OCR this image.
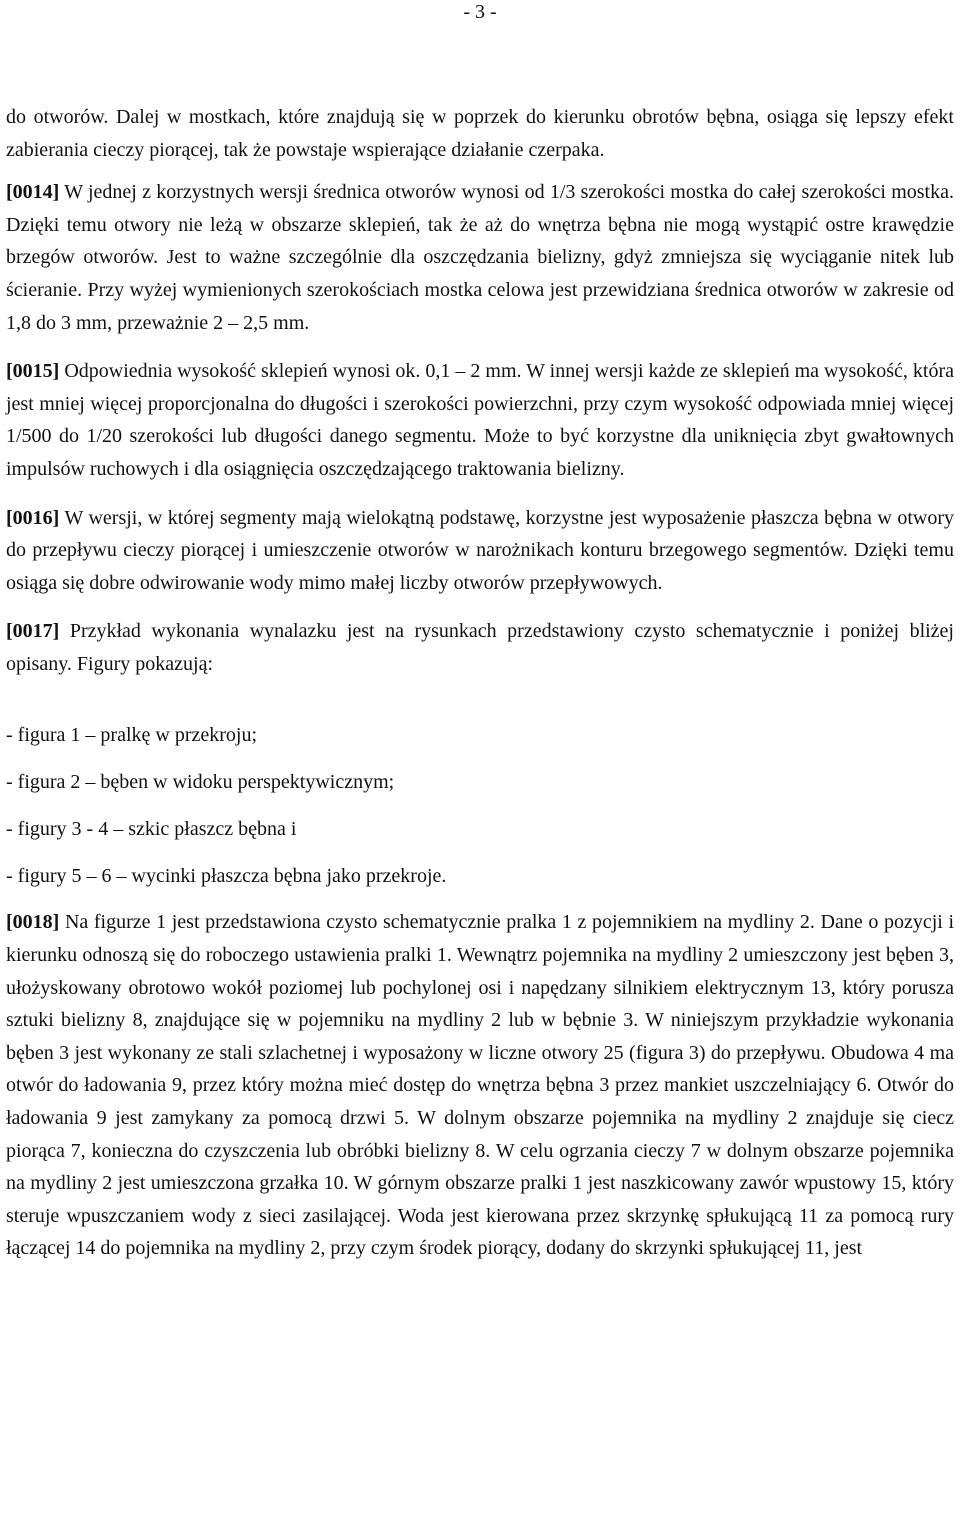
- 3 -

do otworów. Dalej w mostkach, które znajdują się w poprzek do kierunku obrotów bębna, osiąga się lepszy efekt zabierania cieczy piorącej, tak że powstaje wspierające działanie czerpaka.

[0014] W jednej z korzystnych wersji średnica otworów wynosi od 1/3 szerokości mostka do całej szerokości mostka. Dzięki temu otwory nie leżą w obszarze sklepień, tak że aż do wnętrza bębna nie mogą wystąpić ostre krawędzie brzegów otworów. Jest to ważne szczególnie dla oszczędzania bielizny, gdyż zmniejsza się wyciąganie nitek lub ścieranie. Przy wyżej wymienionych szerokościach mostka celowa jest przewidziana średnica otworów w zakresie od 1,8 do 3 mm, przeważnie 2 – 2,5 mm.

[0015] Odpowiednia wysokość sklepień wynosi ok. 0,1 – 2 mm. W innej wersji każde ze sklepień ma wysokość, która jest mniej więcej proporcjonalna do długości i szerokości powierzchni, przy czym wysokość odpowiada mniej więcej 1/500 do 1/20 szerokości lub długości danego segmentu. Może to być korzystne dla uniknięcia zbyt gwałtownych impulsów ruchowych i dla osiągnięcia oszczędzającego traktowania bielizny.

[0016] W wersji, w której segmenty mają wielokątną podstawę, korzystne jest wyposażenie płaszcza bębna w otwory do przepływu cieczy piorącej i umieszczenie otworów w narożnikach konturu brzegowego segmentów. Dzięki temu osiąga się dobre odwirowanie wody mimo małej liczby otworów przepływowych.

[0017] Przykład wykonania wynalazku jest na rysunkach przedstawiony czysto schematycznie i poniżej bliżej opisany. Figury pokazują:

- figura 1 – pralkę w przekroju;

- figura 2 – bęben w widoku perspektywicznym;

- figury 3 - 4 – szkic płaszcz bębna i

- figury 5 – 6 – wycinki płaszcza bębna jako przekroje.

[0018] Na figurze 1 jest przedstawiona czysto schematycznie pralka 1 z pojemnikiem na mydliny 2. Dane o pozycji i kierunku odnoszą się do roboczego ustawienia pralki 1. Wewnątrz pojemnika na mydliny 2 umieszczony jest bęben 3, ułożyskowany obrotowo wokół poziomej lub pochylonej osi i napędzany silnikiem elektrycznym 13, który porusza sztuki bielizny 8, znajdujące się w pojemniku na mydliny 2 lub w bębnie 3. W niniejszym przykładzie wykonania bęben 3 jest wykonany ze stali szlachetnej i wyposażony w liczne otwory 25 (figura 3) do przepływu. Obudowa 4 ma otwór do ładowania 9, przez który można mieć dostęp do wnętrza bębna 3 przez mankiet uszczelniający 6. Otwór do ładowania 9 jest zamykany za pomocą drzwi 5. W dolnym obszarze pojemnika na mydliny 2 znajduje się ciecz piorąca 7, konieczna do czyszczenia lub obróbki bielizny 8. W celu ogrzania cieczy 7 w dolnym obszarze pojemnika na mydliny 2 jest umieszczona grzałka 10. W górnym obszarze pralki 1 jest naszkicowany zawór wpustowy 15, który steruje wpuszczaniem wody z sieci zasilającej. Woda jest kierowana przez skrzynkę spłukującą 11 za pomocą rury łączącej 14 do pojemnika na mydliny 2, przy czym środek piorący, dodany do skrzynki spłukującej 11, jest
